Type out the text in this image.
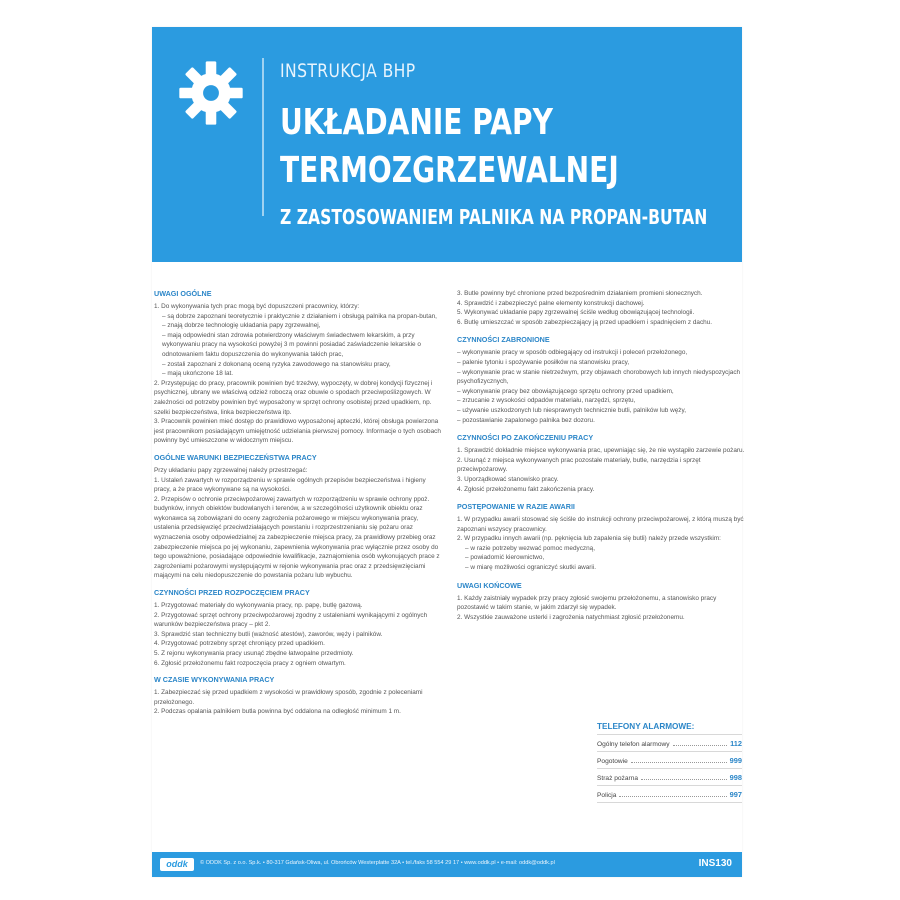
INSTRUKCJA BHP
UKŁADANIE PAPY
TERMOZGRZEWALNEJ
Z ZASTOSOWANIEM PALNIKA NA PROPAN-BUTAN
UWAGI OGÓLNE
1. Do wykonywania tych prac mogą być dopuszczeni pracownicy, którzy:
– są dobrze zapoznani teoretycznie i praktycznie z działaniem i obsługą palnika na propan-butan,
– znają dobrze technologię układania papy zgrzewalnej,
– mają odpowiedni stan zdrowia potwierdzony właściwym świadectwem lekarskim, a przy wykonywaniu pracy na wysokości powyżej 3 m powinni posiadać zaświadczenie lekarskie o odnotowaniem faktu dopuszczenia do wykonywania takich prac,
– zostali zapoznani z dokonaną oceną ryzyka zawodowego na stanowisku pracy,
– mają ukończone 18 lat.
2. Przystępując do pracy, pracownik powinien być trzeźwy, wypoczęty, w dobrej kondycji fizycznej i psychicznej, ubrany we właściwą odzież roboczą oraz obuwie o spodach przeciwpoślizgowych. W zależności od potrzeby powinien być wyposażony w sprzęt ochrony osobistej przed upadkiem, np. szelki bezpieczeństwa, linka bezpieczeństwa itp.
3. Pracownik powinien mieć dostęp do prawidłowo wyposażonej apteczki, której obsługa powierzona jest pracownikom posiadającym umiejętność udzielania pierwszej pomocy. Informacje o tych osobach powinny być umieszczone w widocznym miejscu.
OGÓLNE WARUNKI BEZPIECZEŃSTWA PRACY
Przy układaniu papy zgrzewalnej należy przestrzegać:
1. Ustaleń zawartych w rozporządzeniu w sprawie ogólnych przepisów bezpieczeństwa i higieny pracy, a że prace wykonywane są na wysokości.
2. Przepisów o ochronie przeciwpożarowej zawartych w rozporządzeniu w sprawie ochrony ppoż. budynków, innych obiektów budowlanych i terenów, a w szczególności użytkownik obiektu oraz wykonawca są zobowiązani do oceny zagrożenia pożarowego w miejscu wykonywania pracy, ustalenia przedsięwzięć przeciwdziałających powstaniu i rozprzestrzenianiu się pożaru oraz wyznaczenia osoby odpowiedzialnej za zabezpieczenie miejsca pracy, za prawidłowy przebieg oraz zabezpieczenie miejsca po jej wykonaniu, zapewnienia wykonywania prac wyłącznie przez osoby do tego upoważnione, posiadające odpowiednie kwalifikacje, zaznajomienia osób wykonujących prace z zagrożeniami pożarowymi występującymi w rejonie wykonywania prac oraz z przedsięwzięciami mającymi na celu niedopuszczenie do powstania pożaru lub wybuchu.
CZYNNOŚCI PRZED ROZPOCZĘCIEM PRACY
1. Przygotować materiały do wykonywania pracy, np. papę, butlę gazową.
2. Przygotować sprzęt ochrony przeciwpożarowej zgodny z ustaleniami wynikającymi z ogólnych warunków bezpieczeństwa pracy – pkt 2.
3. Sprawdzić stan techniczny butli (ważność atestów), zaworów, węży i palników.
4. Przygotować potrzebny sprzęt chroniący przed upadkiem.
5. Z rejonu wykonywania pracy usunąć zbędne łatwopalne przedmioty.
6. Zgłosić przełożonemu fakt rozpoczęcia pracy z ogniem otwartym.
W CZASIE WYKONYWANIA PRACY
1. Zabezpieczać się przed upadkiem z wysokości w prawidłowy sposób, zgodnie z poleceniami przełożonego.
2. Podczas opalania palnikiem butla powinna być oddalona na odległość minimum 1 m.
3. Butle powinny być chronione przed bezpośrednim działaniem promieni słonecznych.
4. Sprawdzić i zabezpieczyć palne elementy konstrukcji dachowej.
5. Wykonywać układanie papy zgrzewalnej ściśle według obowiązującej technologii.
6. Butlę umieszczać w sposób zabezpieczający ją przed upadkiem i spadnięciem z dachu.
CZYNNOŚCI ZABRONIONE
– wykonywanie pracy w sposób odbiegający od instrukcji i poleceń przełożonego,
– palenie tytoniu i spożywanie posiłków na stanowisku pracy,
– wykonywanie prac w stanie nietrzeźwym, przy objawach chorobowych lub innych niedyspozycjach psychofizycznych,
– wykonywanie pracy bez obowiązującego sprzętu ochrony przed upadkiem,
– zrzucanie z wysokości odpadów materiału, narzędzi, sprzętu,
– używanie uszkodzonych lub niesprawnych technicznie butli, palników lub węży,
– pozostawianie zapalonego palnika bez dozoru.
CZYNNOŚCI PO ZAKOŃCZENIU PRACY
1. Sprawdzić dokładnie miejsce wykonywania prac, upewniając się, że nie wystąpiło zarzewie pożaru.
2. Usunąć z miejsca wykonywanych prac pozostałe materiały, butle, narzędzia i sprzęt przeciwpożarowy.
3. Uporządkować stanowisko pracy.
4. Zgłosić przełożonemu fakt zakończenia pracy.
POSTĘPOWANIE W RAZIE AWARII
1. W przypadku awarii stosować się ściśle do instrukcji ochrony przeciwpożarowej, z którą muszą być zapoznani wszyscy pracownicy.
2. W przypadku innych awarii (np. pęknięcia lub zapalenia się butli) należy przede wszystkim:
– w razie potrzeby wezwać pomoc medyczną,
– powiadomić kierownictwo,
– w miarę możliwości ograniczyć skutki awarii.
UWAGI KOŃCOWE
1. Każdy zaistniały wypadek przy pracy zgłosić swojemu przełożonemu, a stanowisko pracy pozostawić w takim stanie, w jakim zdarzył się wypadek.
2. Wszystkie zauważone usterki i zagrożenia natychmiast zgłosić przełożonemu.
TELEFONY ALARMOWE:
Ogólny telefon alarmowy	112
Pogotowie	999
Straż pożarna	998
Policja	997
oddk	© ODDK Sp. z o.o. Sp.k. • 80-317 Gdańsk-Oliwa, ul. Obrońców Westerplatte 32A • tel./faks 58 554 29 17 • www.oddk.pl • e-mail: oddk@oddk.pl	INS130
